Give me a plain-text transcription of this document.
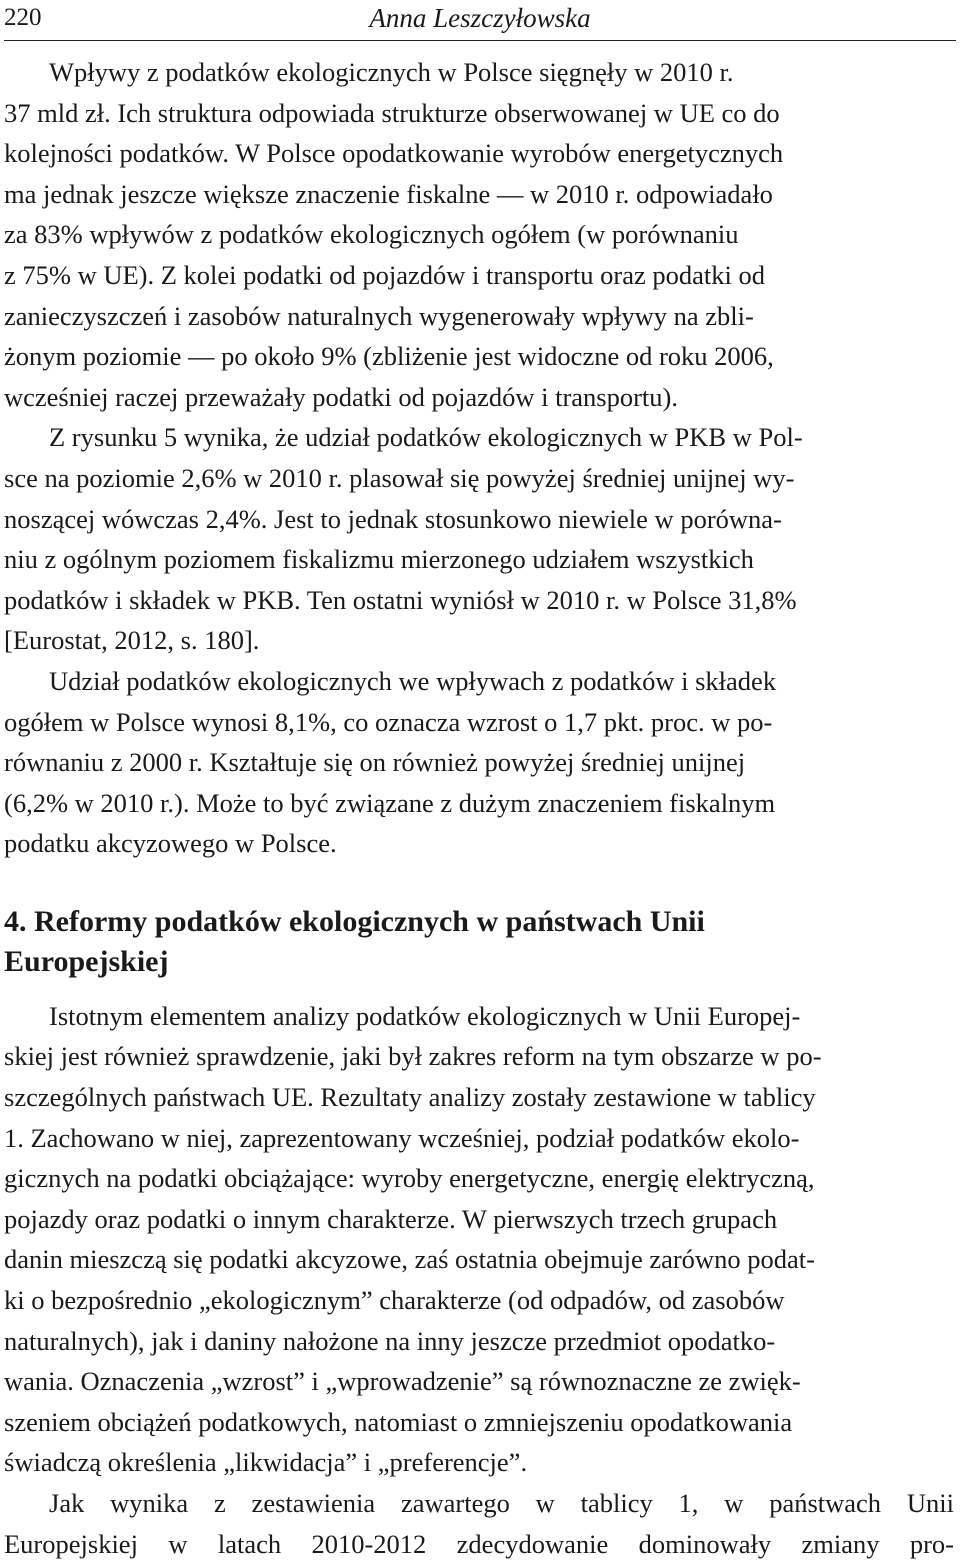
220	Anna Leszczyłowska

Wpływy z podatków ekologicznych w Polsce sięgnęły w 2010 r.
37 mld zł. Ich struktura odpowiada strukturze obserwowanej w UE co do
kolejności podatków. W Polsce opodatkowanie wyrobów energetycznych
ma jednak jeszcze większe znaczenie fiskalne — w 2010 r. odpowiadało
za 83% wpływów z podatków ekologicznych ogółem (w porównaniu
z 75% w UE). Z kolei podatki od pojazdów i transportu oraz podatki od
zanieczyszczeń i zasobów naturalnych wygenerowały wpływy na zbli-
żonym poziomie — po około 9% (zbliżenie jest widoczne od roku 2006,
wcześniej raczej przeważały podatki od pojazdów i transportu).

Z rysunku 5 wynika, że udział podatków ekologicznych w PKB w Pol-
sce na poziomie 2,6% w 2010 r. plasował się powyżej średniej unijnej wy-
noszącej wówczas 2,4%. Jest to jednak stosunkowo niewiele w porówna-
niu z ogólnym poziomem fiskalizmu mierzonego udziałem wszystkich
podatków i składek w PKB. Ten ostatni wyniósł w 2010 r. w Polsce 31,8%
[Eurostat, 2012, s. 180].

Udział podatków ekologicznych we wpływach z podatków i składek
ogółem w Polsce wynosi 8,1%, co oznacza wzrost o 1,7 pkt. proc. w po-
równaniu z 2000 r. Kształtuje się on również powyżej średniej unijnej
(6,2% w 2010 r.). Może to być związane z dużym znaczeniem fiskalnym
podatku akcyzowego w Polsce.

4. Reformy podatków ekologicznych w państwach Unii
Europejskiej

Istotnym elementem analizy podatków ekologicznych w Unii Europej-
skiej jest również sprawdzenie, jaki był zakres reform na tym obszarze w po-
szczególnych państwach UE. Rezultaty analizy zostały zestawione w tablicy
1. Zachowano w niej, zaprezentowany wcześniej, podział podatków ekolo-
gicznych na podatki obciążające: wyroby energetyczne, energię elektryczną,
pojazdy oraz podatki o innym charakterze. W pierwszych trzech grupach
danin mieszczą się podatki akcyzowe, zaś ostatnia obejmuje zarówno podat-
ki o bezpośrednio „ekologicznym” charakterze (od odpadów, od zasobów
naturalnych), jak i daniny nałożone na inny jeszcze przedmiot opodatko-
wania. Oznaczenia „wzrost” i „wprowadzenie” są równoznaczne ze zwięk-
szeniem obciążeń podatkowych, natomiast o zmniejszeniu opodatkowania
świadczą określenia „likwidacja” i „preferencje”.

Jak wynika z zestawienia zawartego w tablicy 1, w państwach Unii
Europejskiej w latach 2010-2012 zdecydowanie dominowały zmiany pro-
